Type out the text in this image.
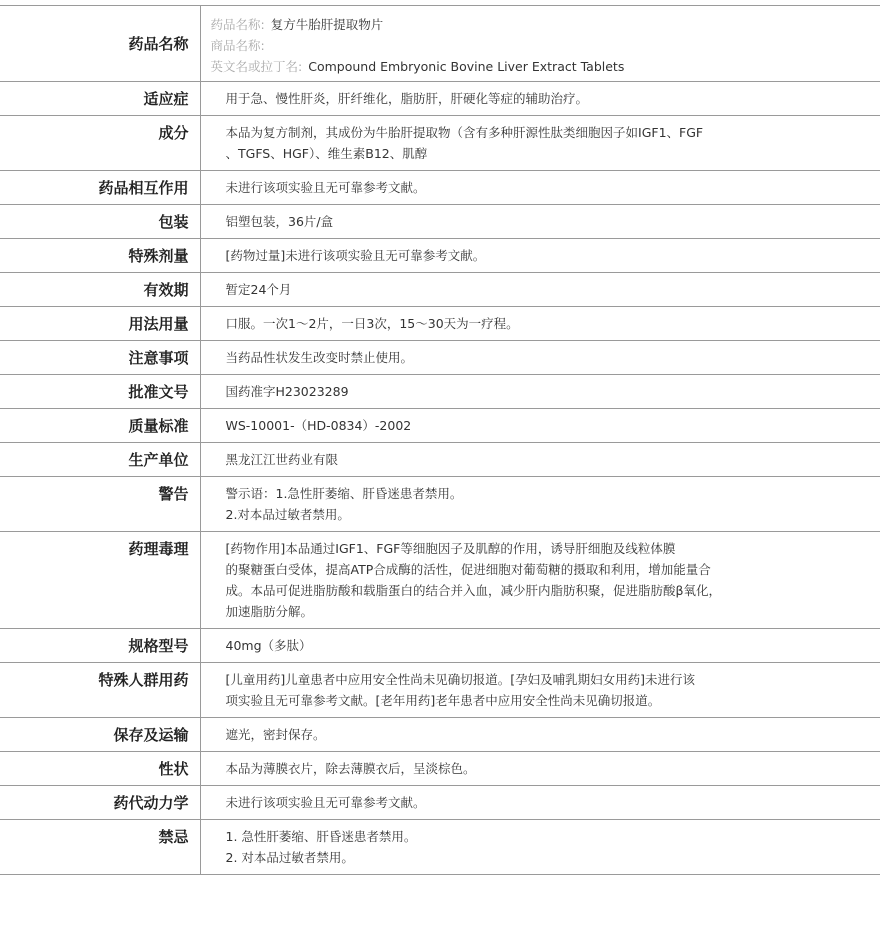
药品名称	药品名称: 复方牛胎肝提取物片
商品名称:
英文名或拉丁名: Compound Embryonic Bovine Liver Extract Tablets

适应症	用于急、慢性肝炎，肝纤维化，脂肪肝，肝硬化等症的辅助治疗。

成分	本品为复方制剂，其成份为牛胎肝提取物（含有多种肝源性肽类细胞因子如IGF1、FGF
、TGFS、HGF）、维生素B12、肌醇

药品相互作用	未进行该项实验且无可靠参考文献。

包装	铝塑包装，36片/盒

特殊剂量	[药物过量]未进行该项实验且无可靠参考文献。

有效期	暂定24个月

用法用量	口服。一次1～2片，一日3次，15～30天为一疗程。

注意事项	当药品性状发生改变时禁止使用。

批准文号	国药准字H23023289

质量标准	WS-10001-（HD-0834）-2002

生产单位	黑龙江江世药业有限

警告	警示语：1.急性肝萎缩、肝昏迷患者禁用。
2.对本品过敏者禁用。

药理毒理	[药物作用]本品通过IGF1、FGF等细胞因子及肌醇的作用，诱导肝细胞及线粒体膜
的聚糖蛋白受体，提高ATP合成酶的活性，促进细胞对葡萄糖的摄取和利用，增加能量合
成。本品可促进脂肪酸和载脂蛋白的结合并入血，减少肝内脂肪积聚，促进脂肪酸β氧化，
加速脂肪分解。

规格型号	40mg（多肽）

特殊人群用药	[儿童用药]儿童患者中应用安全性尚未见确切报道。[孕妇及哺乳期妇女用药]未进行该
项实验且无可靠参考文献。[老年用药]老年患者中应用安全性尚未见确切报道。

保存及运输	遮光，密封保存。

性状	本品为薄膜衣片，除去薄膜衣后，呈淡棕色。

药代动力学	未进行该项实验且无可靠参考文献。

禁忌	1. 急性肝萎缩、肝昏迷患者禁用。
2. 对本品过敏者禁用。
